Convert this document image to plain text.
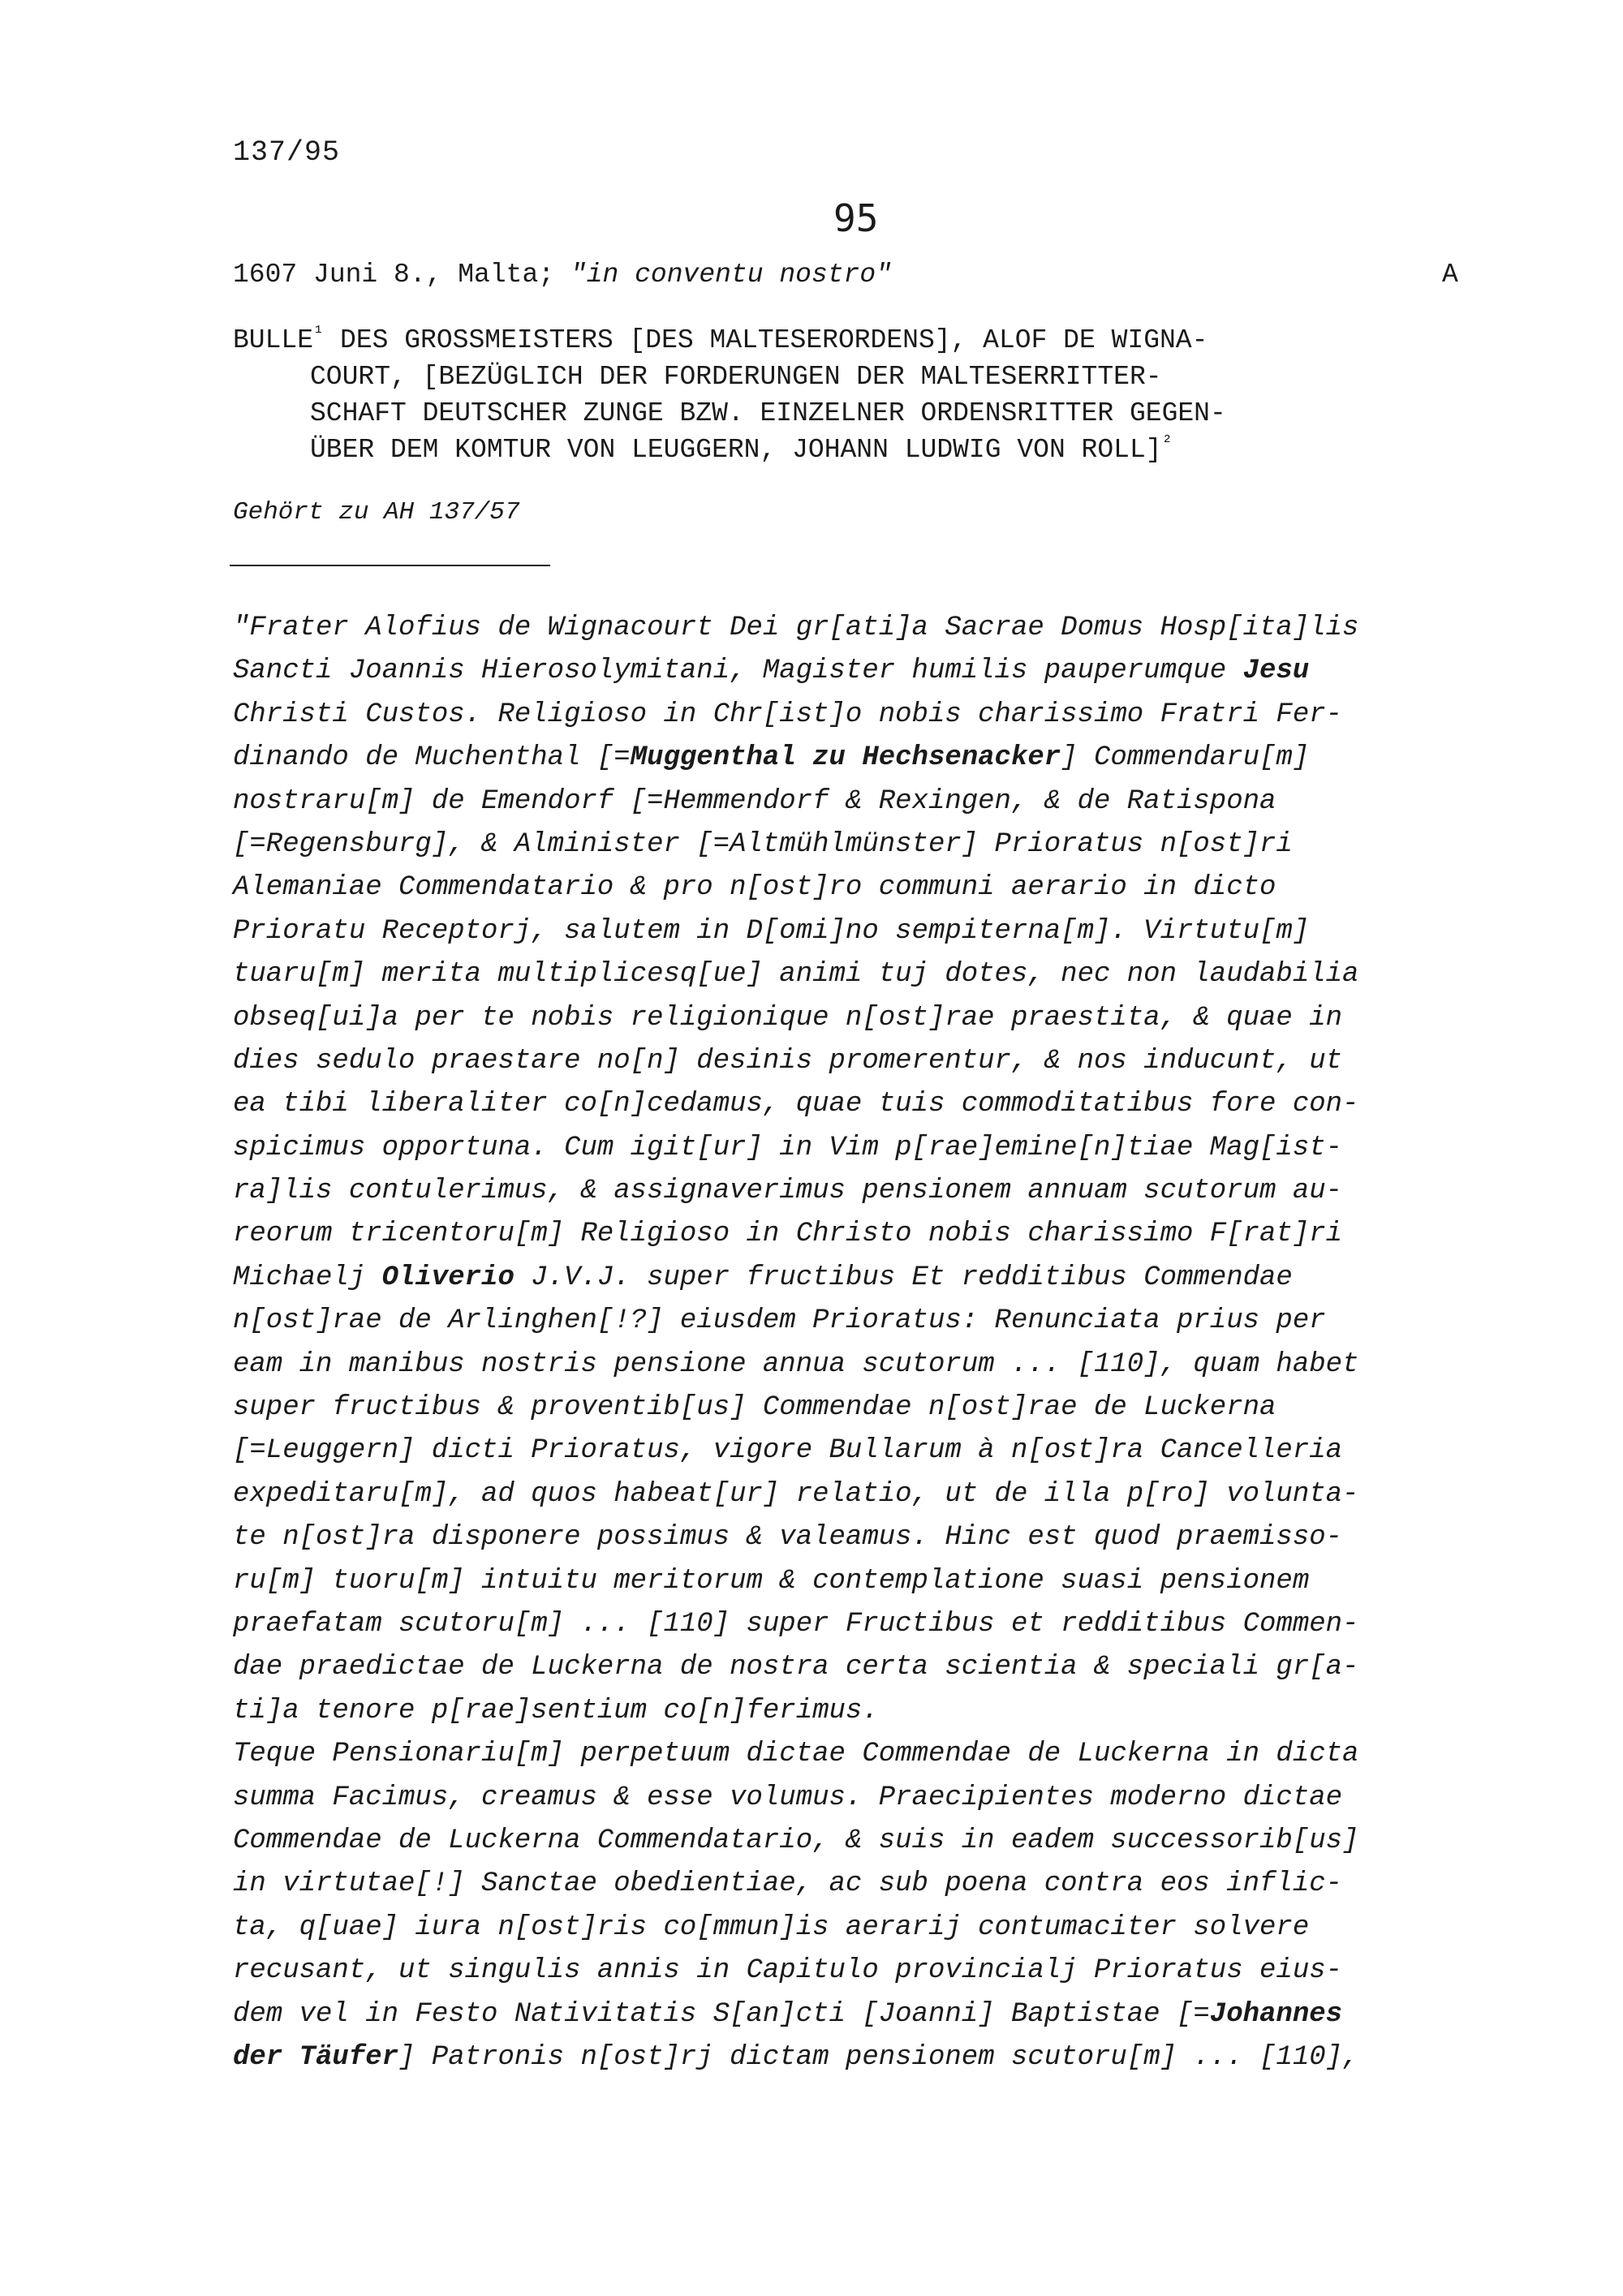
137/95
95
1607 Juni 8., Malta; "in conventu nostro"	A
$BULLE^{^1}$ DES GROSSMEISTERS [DES MALTESERORDENS], ALOF DE WIGNA-
COURT, [BEZÜGLICH DER FORDERUNGEN DER MALTESERRITTER-
SCHAFT DEUTSCHER ZUNGE BZW. EINZELNER ORDENSRITTER GEGEN-
ÜBER DEM KOMTUR VON LEUGGERN, JOHANN LUDWIG VON ROLL]$^{^2}$
Gehört zu AH 137/57
"Frater Alofius de Wignacourt Dei gr[ati]a Sacrae Domus Hosp[ita]lis
Sancti Joannis Hierosolymitani, Magister humilis pauperumque Jesu
Christi Custos. Religioso in Chr[ist]o nobis charissimo Fratri Fer-
dinando de Muchenthal [=Muggenthal zu Hechsenacker] Commendaru[m]
nostraru[m] de Emendorf [=Hemmendorf & Rexingen, & de Ratispona
[=Regensburg], & Alminister [=Altmühlmünster] Prioratus n[ost]ri
Alemaniae Commendatario & pro n[ost]ro communi aerario in dicto
Prioratu Receptorj, salutem in D[omi]no sempiterna[m]. Virtutu[m]
tuaru[m] merita multiplicesq[ue] animi tuj dotes, nec non laudabilia
obseq[ui]a per te nobis religionique n[ost]rae praestita, & quae in
dies sedulo praestare no[n] desinis promerentur, & nos inducunt, ut
ea tibi liberaliter co[n]cedamus, quae tuis commoditatibus fore con-
spicimus opportuna. Cum igit[ur] in Vim p[rae]emine[n]tiae Mag[ist-
ra]lis contulerimus, & assignaverimus pensionem annuam scutorum au-
reorum tricentoru[m] Religioso in Christo nobis charissimo F[rat]ri
Michaelj Oliverio J.V.J. super fructibus Et redditibus Commendae
n[ost]rae de Arlinghen[!?] eiusdem Prioratus: Renunciata prius per
eam in manibus nostris pensione annua scutorum ... [110], quam habet
super fructibus & proventib[us] Commendae n[ost]rae de Luckerna
[=Leuggern] dicti Prioratus, vigore Bullarum à n[ost]ra Cancelleria
expeditaru[m], ad quos habeat[ur] relatio, ut de illa p[ro] volunta-
te n[ost]ra disponere possimus & valeamus. Hinc est quod praemisso-
ru[m] tuoru[m] intuitu meritorum & contemplatione suasi pensionem
praefatam scutoru[m] ... [110] super Fructibus et redditibus Commen-
dae praedictae de Luckerna de nostra certa scientia & speciali gr[a-
ti]a tenore p[rae]sentium co[n]ferimus.
Teque Pensionariu[m] perpetuum dictae Commendae de Luckerna in dicta
summa Facimus, creamus & esse volumus. Praecipientes moderno dictae
Commendae de Luckerna Commendatario, & suis in eadem successorib[us]
in virtutae[!] Sanctae obedientiae, ac sub poena contra eos inflic-
ta, q[uae] iura n[ost]ris co[mmun]is aerarij contumaciter solvere
recusant, ut singulis annis in Capitulo provincialj Prioratus eius-
dem vel in Festo Nativitatis S[an]cti [Joanni] Baptistae [=Johannes
der Täufer] Patronis n[ost]rj dictam pensionem scutoru[m] ... [110],
